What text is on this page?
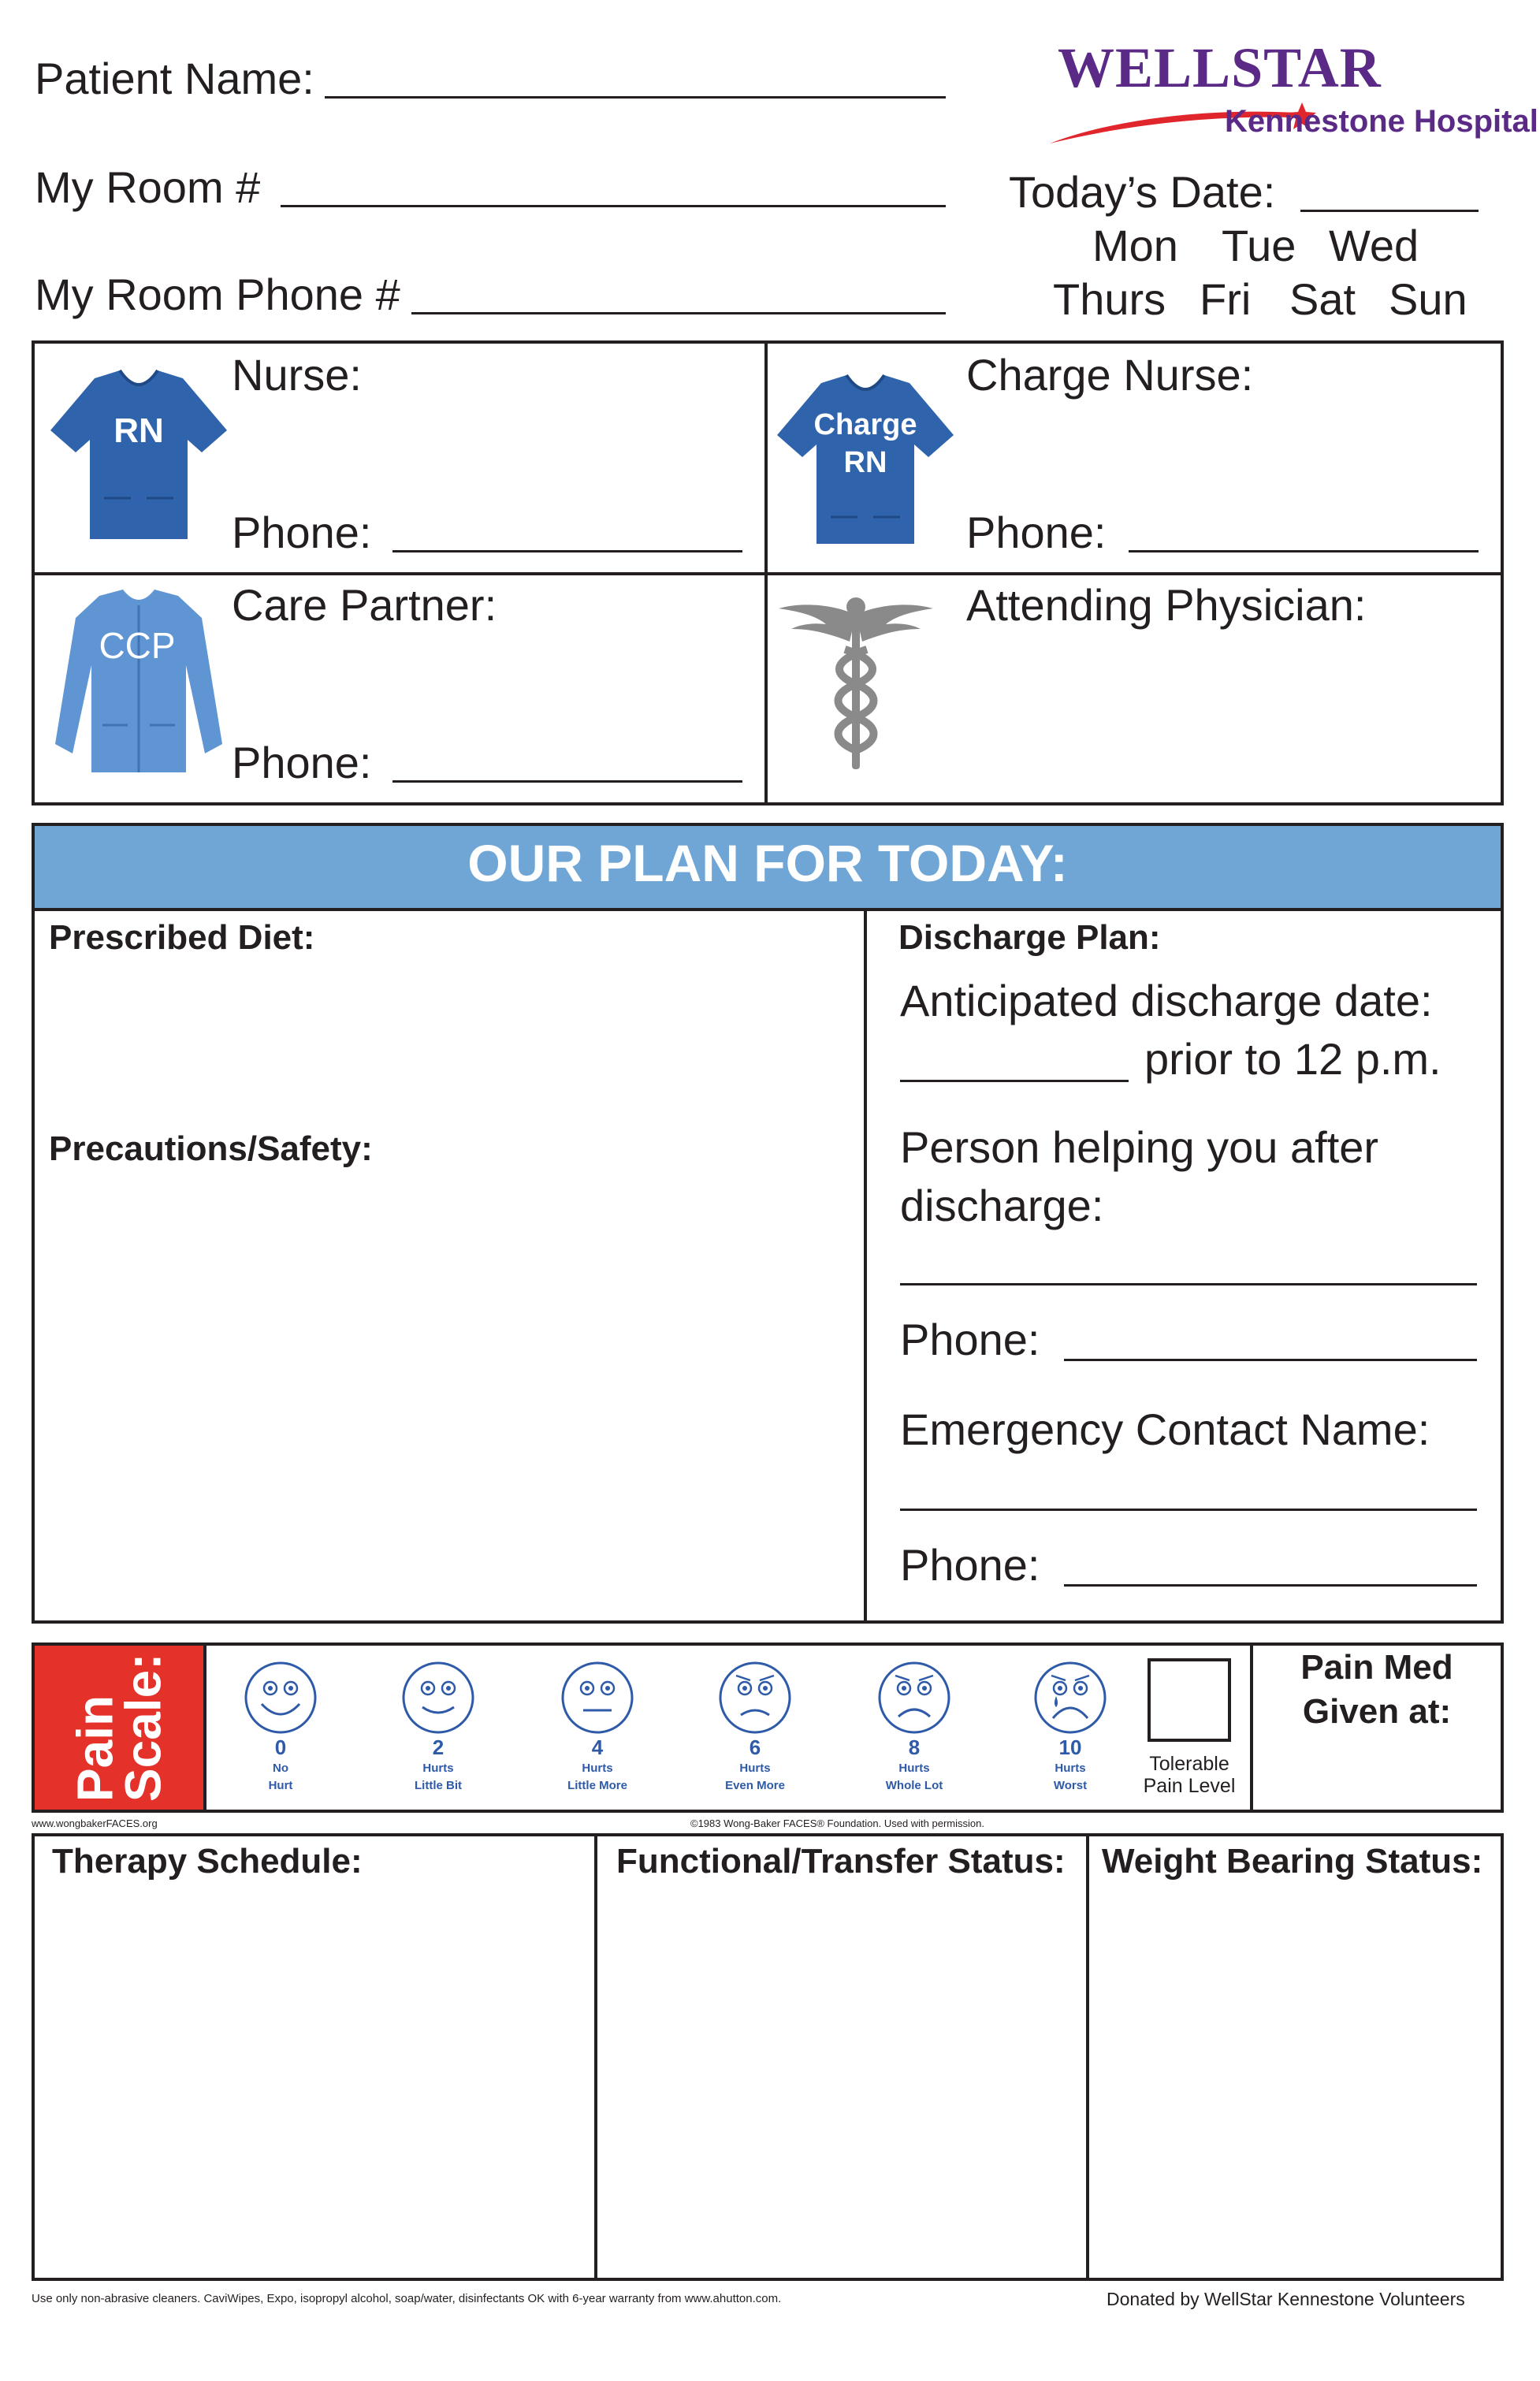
Patient Name:
My Room #
My Room Phone #
WELLSTAR
Kennestone Hospital
Today’s Date:
Mon Tue Wed
Thurs Fri Sat Sun
RN
Nurse:
Phone:
Charge
RN
Charge Nurse:
Phone:
CCP
Care Partner:
Phone:
Attending Physician:
OUR PLAN FOR TODAY:
Prescribed Diet:
Precautions/Safety:
Discharge Plan:
Anticipated discharge date:
prior to 12 p.m.
Person helping you after
discharge:
Phone:
Emergency Contact Name:
Phone:
Pain
Scale:	0
No
Hurt
2
Hurts
Little Bit
4
Hurts
Little More
6
Hurts
Even More
8
Hurts
Whole Lot
10
Hurts
Worst
Tolerable
Pain Level
Pain Med
Given at:
www.wongbakerFACES.org	©1983 Wong-Baker FACES® Foundation. Used with permission.
Therapy Schedule:	Functional/Transfer Status: Weight Bearing Status:
Use only non-abrasive cleaners. CaviWipes, Expo, isopropyl alcohol, soap/water, disinfectants OK with 6-year warranty from www.ahutton.com.	Donated by WellStar Kennestone Volunteers
